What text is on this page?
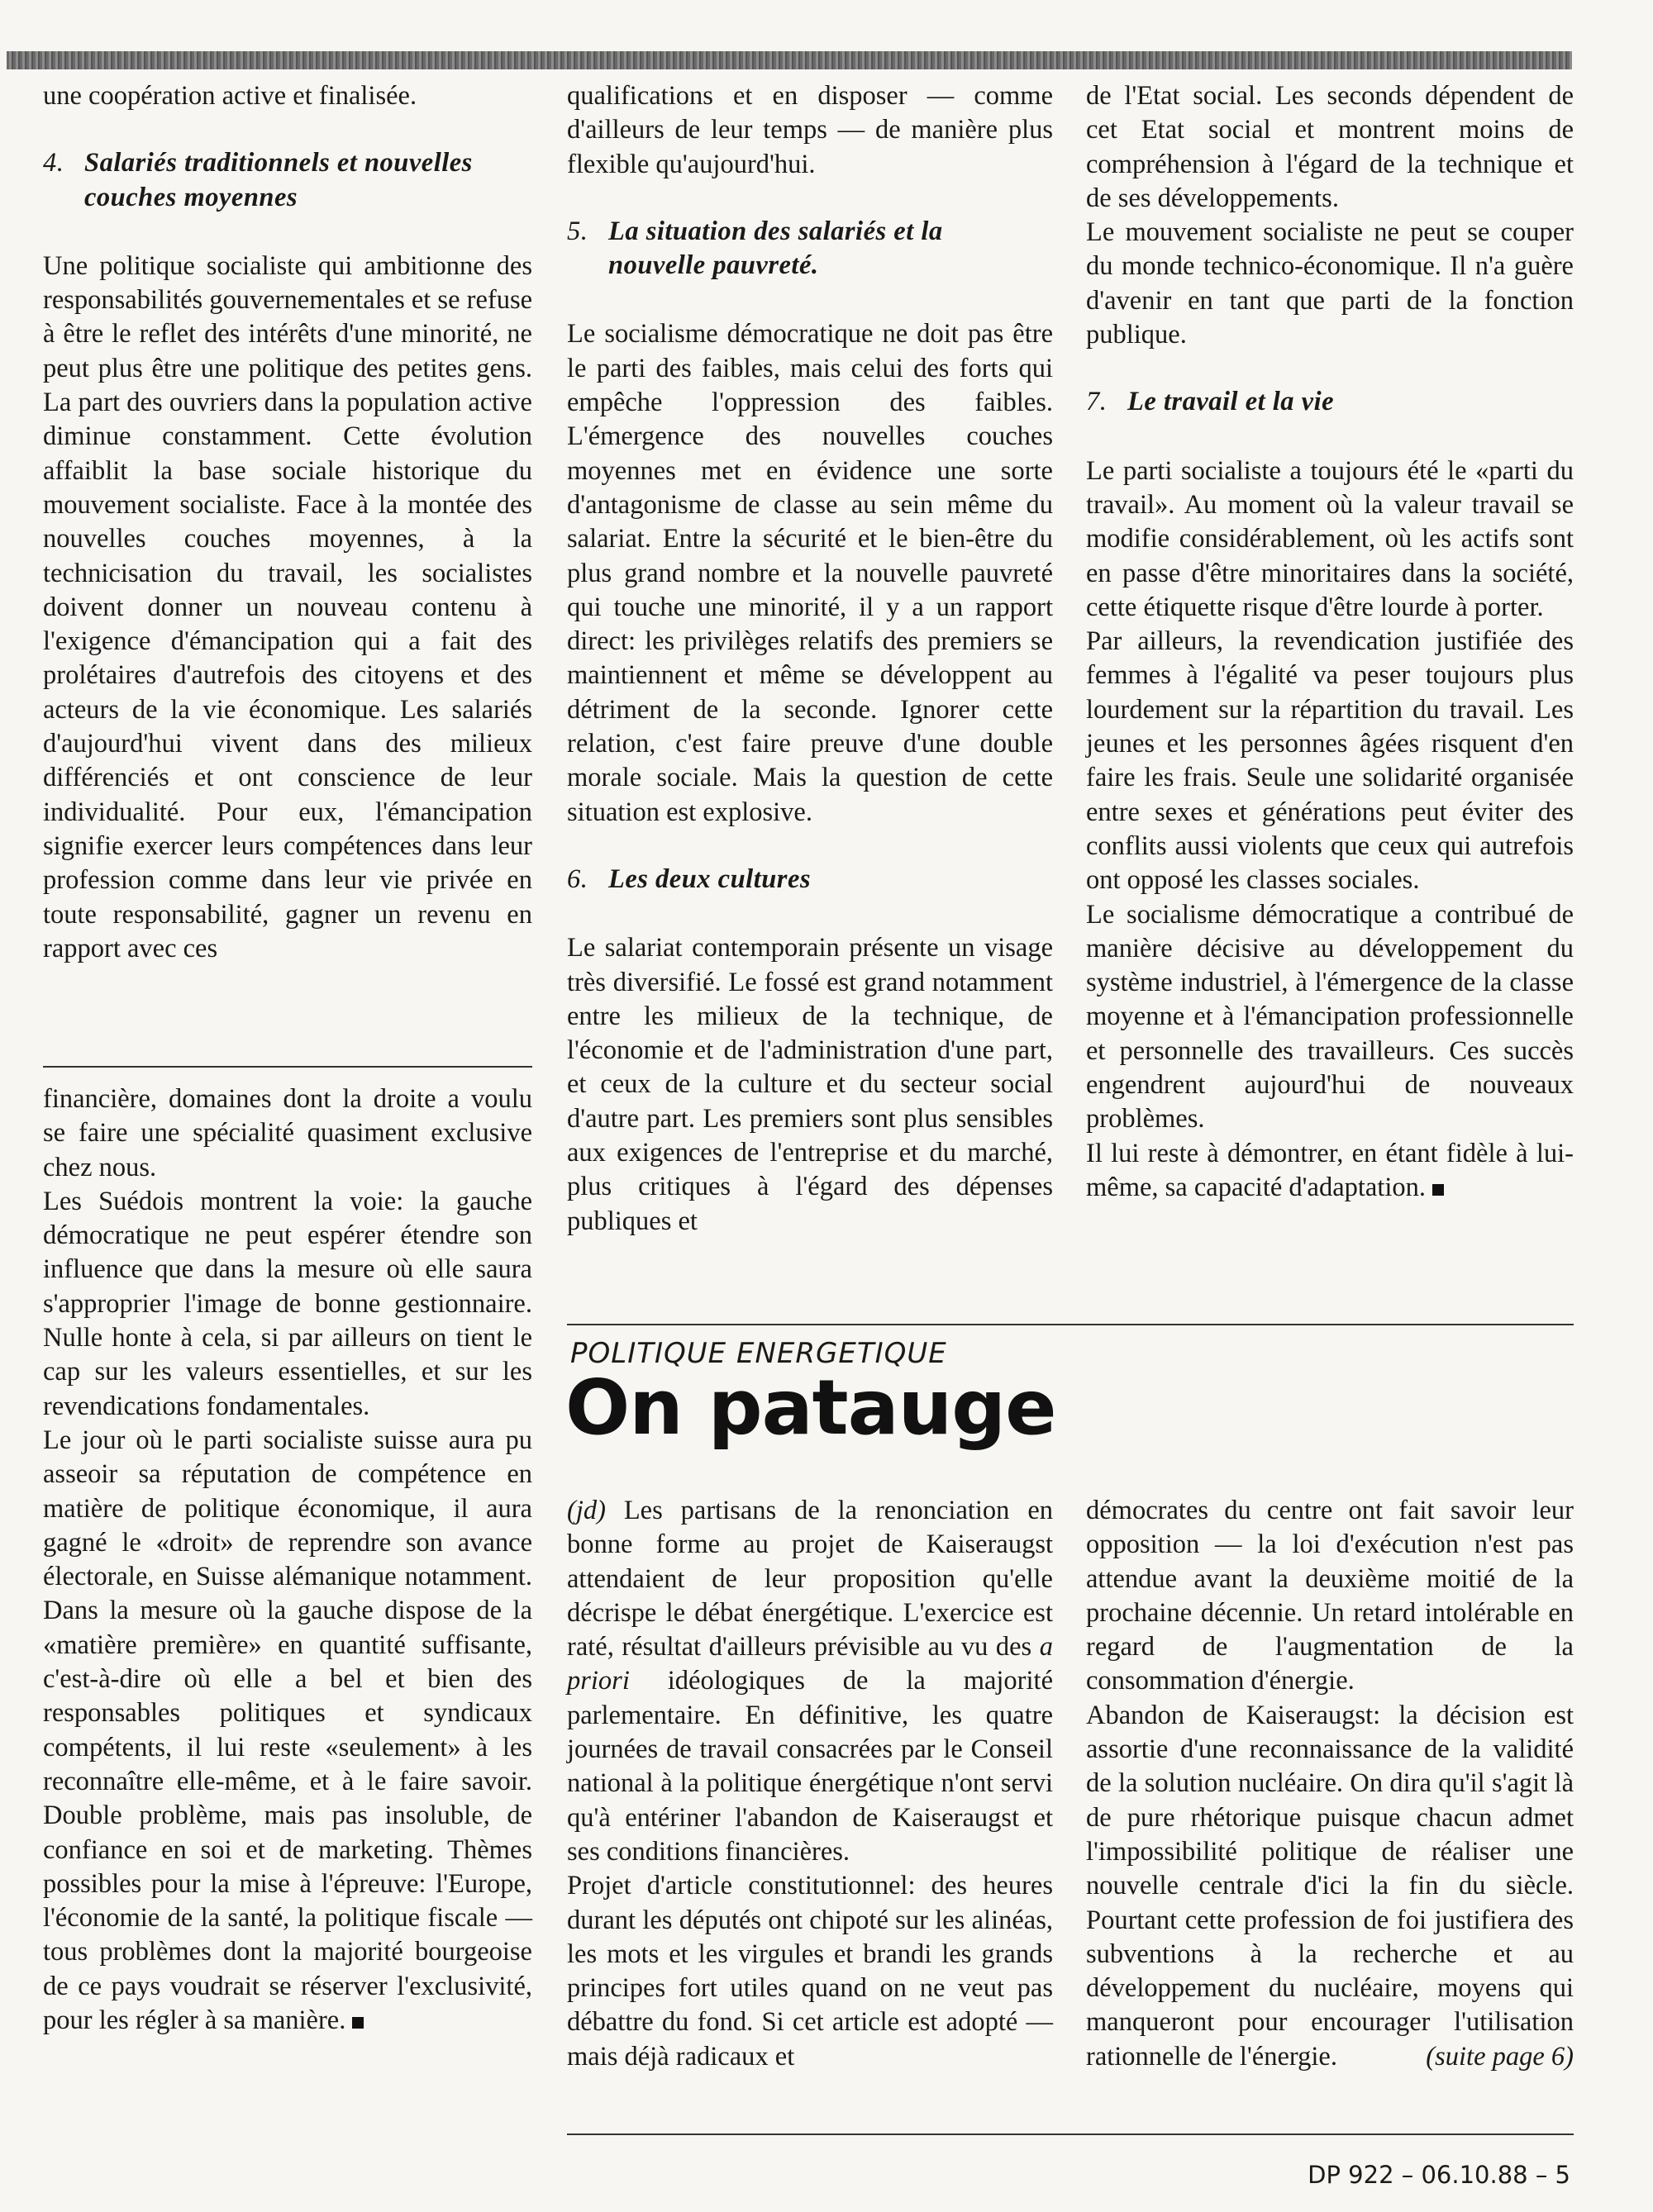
une coopération active et finalisée.

4. Salariés traditionnels et nouvelles
couches moyennes

Une politique socialiste qui ambitionne des responsabilités gouvernementales et se refuse à être le reflet des intérêts d'une minorité, ne peut plus être une politique des petites gens. La part des ouvriers dans la population active diminue constamment. Cette évolution affaiblit la base sociale historique du mouvement socialiste. Face à la montée des nouvelles couches moyennes, à la technicisation du travail, les socialistes doivent donner un nouveau contenu à l'exigence d'émancipation qui a fait des prolétaires d'autrefois des citoyens et des acteurs de la vie économique. Les salariés d'aujourd'hui vivent dans des milieux différenciés et ont conscience de leur individualité. Pour eux, l'émancipation signifie exercer leurs compétences dans leur profession comme dans leur vie privée en toute responsabilité, gagner un revenu en rapport avec ces

qualifications et en disposer — comme d'ailleurs de leur temps — de manière plus flexible qu'aujourd'hui.

5. La situation des salariés et la
nouvelle pauvreté.

Le socialisme démocratique ne doit pas être le parti des faibles, mais celui des forts qui empêche l'oppression des faibles. L'émergence des nouvelles couches moyennes met en évidence une sorte d'antagonisme de classe au sein même du salariat. Entre la sécurité et le bien-être du plus grand nombre et la nouvelle pauvreté qui touche une minorité, il y a un rapport direct: les privilèges relatifs des premiers se maintiennent et même se développent au détriment de la seconde. Ignorer cette relation, c'est faire preuve d'une double morale sociale. Mais la question de cette situation est explosive.

6. Les deux cultures

Le salariat contemporain présente un visage très diversifié. Le fossé est grand notamment entre les milieux de la technique, de l'économie et de l'administration d'une part, et ceux de la culture et du secteur social d'autre part. Les premiers sont plus sensibles aux exigences de l'entreprise et du marché, plus critiques à l'égard des dépenses publiques et

de l'Etat social. Les seconds dépendent de cet Etat social et montrent moins de compréhension à l'égard de la technique et de ses développements.

Le mouvement socialiste ne peut se couper du monde technico-économique. Il n'a guère d'avenir en tant que parti de la fonction publique.

7. Le travail et la vie

Le parti socialiste a toujours été le «parti du travail». Au moment où la valeur travail se modifie considérablement, où les actifs sont en passe d'être minoritaires dans la société, cette étiquette risque d'être lourde à porter.

Par ailleurs, la revendication justifiée des femmes à l'égalité va peser toujours plus lourdement sur la répartition du travail. Les jeunes et les personnes âgées risquent d'en faire les frais. Seule une solidarité organisée entre sexes et générations peut éviter des conflits aussi violents que ceux qui autrefois ont opposé les classes sociales.

Le socialisme démocratique a contribué de manière décisive au développement du système industriel, à l'émergence de la classe moyenne et à l'émancipation professionnelle et personnelle des travailleurs. Ces succès engendrent aujourd'hui de nouveaux problèmes.

Il lui reste à démontrer, en étant fidèle à lui-même, sa capacité d'adaptation.

financière, domaines dont la droite a voulu se faire une spécialité quasiment exclusive chez nous.

Les Suédois montrent la voie: la gauche démocratique ne peut espérer étendre son influence que dans la mesure où elle saura s'approprier l'image de bonne gestionnaire. Nulle honte à cela, si par ailleurs on tient le cap sur les valeurs essentielles, et sur les revendications fondamentales.

Le jour où le parti socialiste suisse aura pu asseoir sa réputation de compétence en matière de politique économique, il aura gagné le «droit» de reprendre son avance électorale, en Suisse alémanique notamment. Dans la mesure où la gauche dispose de la «matière première» en quantité suffisante, c'est-à-dire où elle a bel et bien des responsables politiques et syndicaux compétents, il lui reste «seulement» à les reconnaître elle-même, et à le faire savoir. Double problème, mais pas insoluble, de confiance en soi et de marketing. Thèmes possibles pour la mise à l'épreuve: l'Europe, l'économie de la santé, la politique fiscale — tous problèmes dont la majorité bourgeoise de ce pays voudrait se réserver l'exclusivité, pour les régler à sa manière.

POLITIQUE ENERGETIQUE
On patauge

(jd) Les partisans de la renonciation en bonne forme au projet de Kaiseraugst attendaient de leur proposition qu'elle décrispe le débat énergétique. L'exercice est raté, résultat d'ailleurs prévisible au vu des a priori idéologiques de la majorité parlementaire. En définitive, les quatre journées de travail consacrées par le Conseil national à la politique énergétique n'ont servi qu'à entériner l'abandon de Kaiseraugst et ses conditions financières.

Projet d'article constitutionnel: des heures durant les députés ont chipoté sur les alinéas, les mots et les virgules et brandi les grands principes fort utiles quand on ne veut pas débattre du fond. Si cet article est adopté — mais déjà radicaux et

démocrates du centre ont fait savoir leur opposition — la loi d'exécution n'est pas attendue avant la deuxième moitié de la prochaine décennie. Un retard intolérable en regard de l'augmentation de la consommation d'énergie.

Abandon de Kaiseraugst: la décision est assortie d'une reconnaissance de la validité de la solution nucléaire. On dira qu'il s'agit là de pure rhétorique puisque chacun admet l'impossibilité politique de réaliser une nouvelle centrale d'ici la fin du siècle. Pourtant cette profession de foi justifiera des subventions à la recherche et au développement du nucléaire, moyens qui manqueront pour encourager l'utilisation rationnelle de l'énergie.	(suite page 6)

DP 922 – 06.10.88 – 5
